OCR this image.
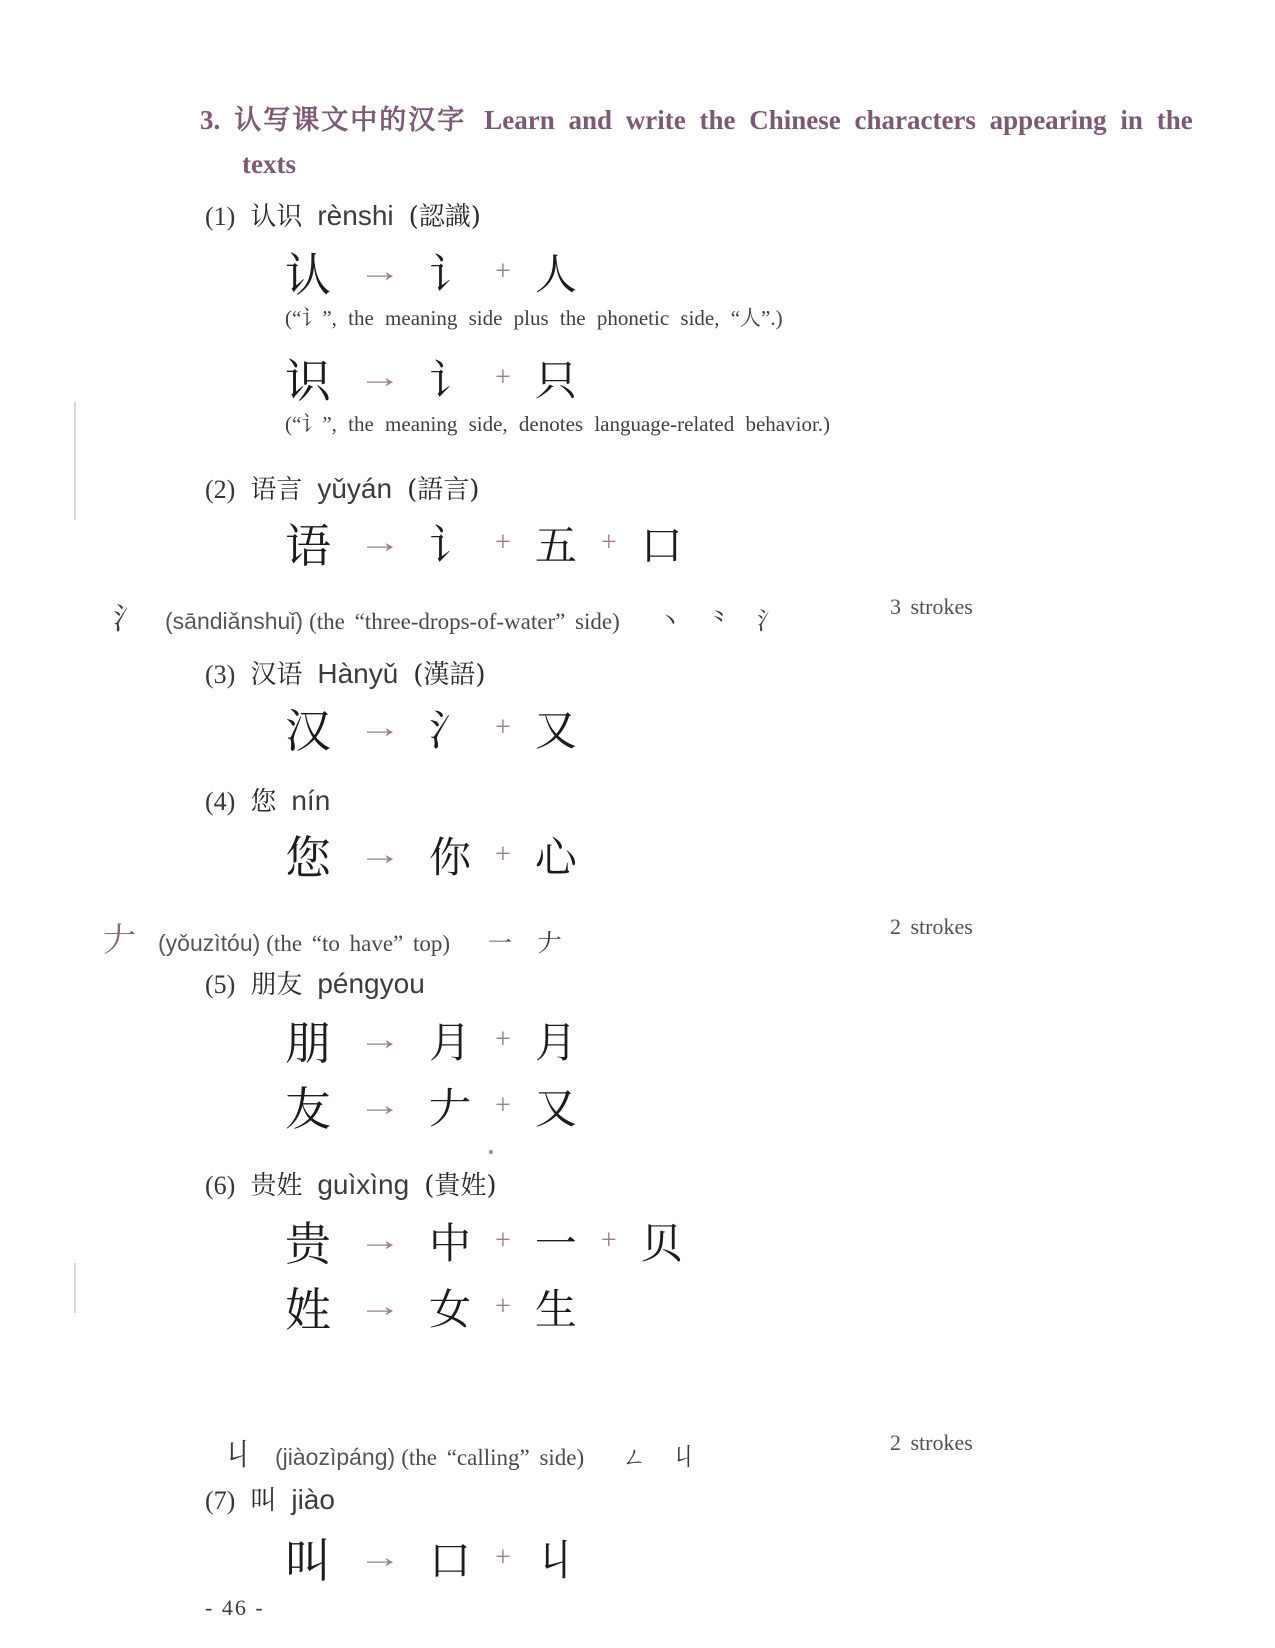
3. 认写课文中的汉字 Learn and write the Chinese characters appearing in the
texts
(1) 认识 rènshi (認識)
认 → 讠 + 人
(“讠”, the meaning side plus the phonetic side, “人”.)
识 → 讠 + 只
(“讠”, the meaning side, denotes language-related behavior.)
(2) 语言 yǔyán (語言)
语 → 讠 + 五 + 口
氵 (sāndiǎnshuǐ) (the “three-drops-of-water” side) 丶 ⺀ 氵
3 strokes
(3) 汉语 Hànyǔ (漢語)
汉 → 氵 + 又
(4) 您 nín
您 → 你 + 心
𠂇 (yǒuzìtóu) (the “to have” top) 一 𠂇
2 strokes
(5) 朋友 péngyou
朋 → 月 + 月
友 → 𠂇 + 又
(6) 贵姓 guìxìng (貴姓)
贵 → 中 + 一 + 贝
姓 → 女 + 生
丩 (jiàozìpáng) (the “calling” side) ㄥ 丩
2 strokes
(7) 叫 jiào
叫 → 口 + 丩
- 46 -
